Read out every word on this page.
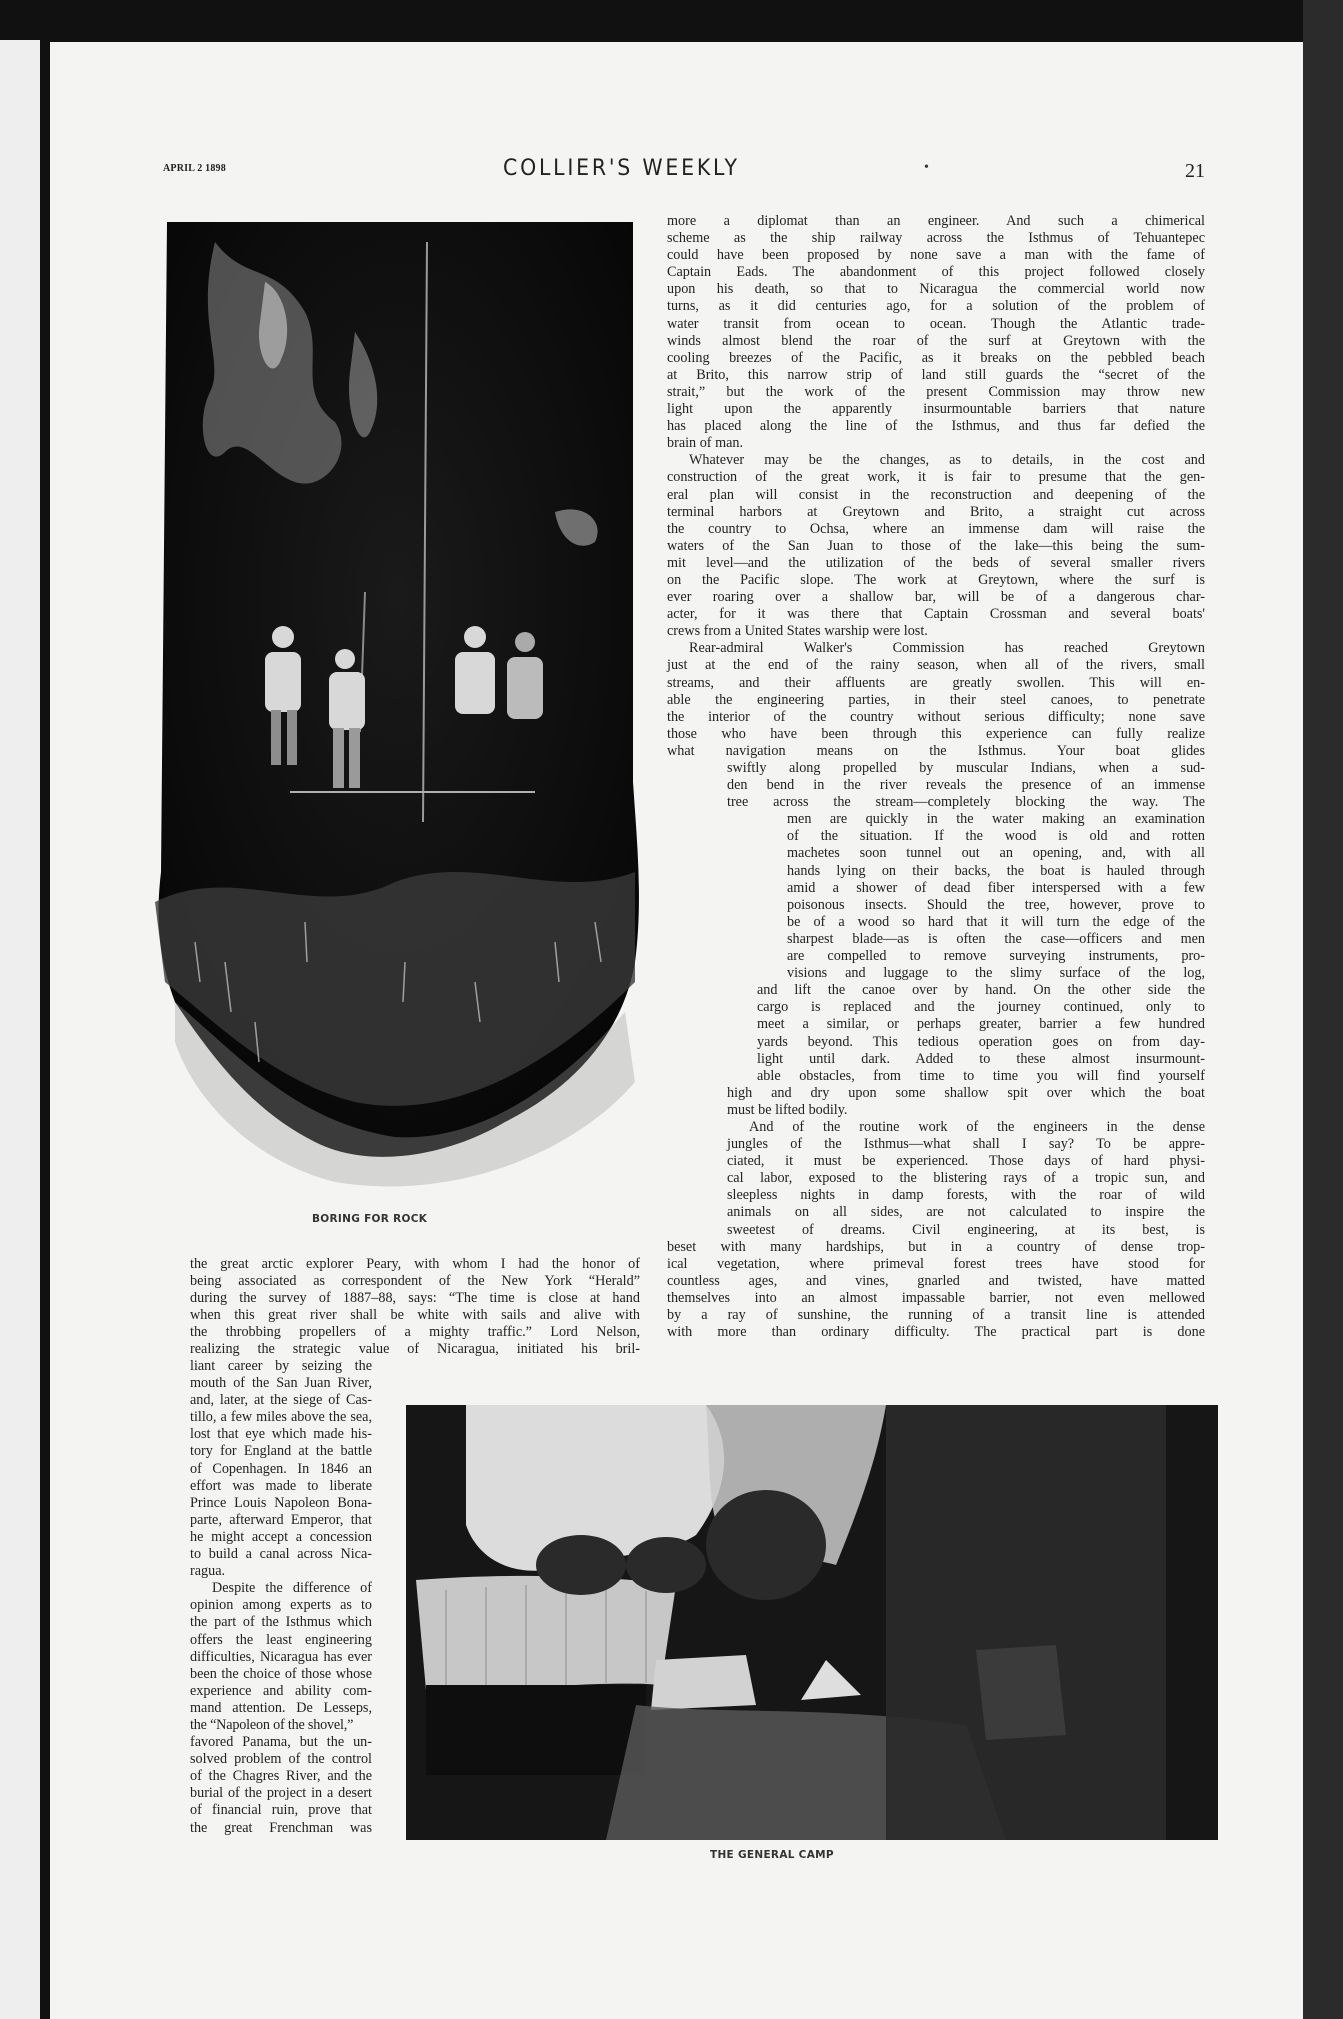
APRIL 2 1898	COLLIER'S WEEKLY	•	21
BORING FOR ROCK
more a diplomat than an engineer. And such a chimerical
scheme as the ship railway across the Isthmus of Tehuantepec
could have been proposed by none save a man with the fame of
Captain Eads. The abandonment of this project followed closely
upon his death, so that to Nicaragua the commercial world now
turns, as it did centuries ago, for a solution of the problem of
water transit from ocean to ocean. Though the Atlantic trade-
winds almost blend the roar of the surf at Greytown with the
cooling breezes of the Pacific, as it breaks on the pebbled beach
at Brito, this narrow strip of land still guards the “secret of the
strait,” but the work of the present Commission may throw new
light upon the apparently insurmountable barriers that nature
has placed along the line of the Isthmus, and thus far defied the
brain of man.
Whatever may be the changes, as to details, in the cost and
construction of the great work, it is fair to presume that the gen-
eral plan will consist in the reconstruction and deepening of the
terminal harbors at Greytown and Brito, a straight cut across
the country to Ochsa, where an immense dam will raise the
waters of the San Juan to those of the lake—this being the sum-
mit level—and the utilization of the beds of several smaller rivers
on the Pacific slope. The work at Greytown, where the surf is
ever roaring over a shallow bar, will be of a dangerous char-
acter, for it was there that Captain Crossman and several boats'
crews from a United States warship were lost.
Rear-admiral Walker's Commission has reached Greytown
just at the end of the rainy season, when all of the rivers, small
streams, and their affluents are greatly swollen. This will en-
able the engineering parties, in their steel canoes, to penetrate
the interior of the country without serious difficulty; none save
those who have been through this experience can fully realize
what navigation means on the Isthmus. Your boat glides
swiftly along propelled by muscular Indians, when a sud-
den bend in the river reveals the presence of an immense
tree across the stream—completely blocking the way. The
men are quickly in the water making an examination
of the situation. If the wood is old and rotten
machetes soon tunnel out an opening, and, with all
hands lying on their backs, the boat is hauled through
amid a shower of dead fiber interspersed with a few
poisonous insects. Should the tree, however, prove to
be of a wood so hard that it will turn the edge of the
sharpest blade—as is often the case—officers and men
are compelled to remove surveying instruments, pro-
visions and luggage to the slimy surface of the log,
and lift the canoe over by hand. On the other side the
cargo is replaced and the journey continued, only to
meet a similar, or perhaps greater, barrier a few hundred
yards beyond. This tedious operation goes on from day-
light until dark. Added to these almost insurmount-
able obstacles, from time to time you will find yourself
high and dry upon some shallow spit over which the boat
must be lifted bodily.
And of the routine work of the engineers in the dense
jungles of the Isthmus—what shall I say? To be appre-
ciated, it must be experienced. Those days of hard physi-
cal labor, exposed to the blistering rays of a tropic sun, and
sleepless nights in damp forests, with the roar of wild
animals on all sides, are not calculated to inspire the
sweetest of dreams. Civil engineering, at its best, is
beset with many hardships, but in a country of dense trop-
ical vegetation, where primeval forest trees have stood for
countless ages, and vines, gnarled and twisted, have matted
themselves into an almost impassable barrier, not even mellowed
by a ray of sunshine, the running of a transit line is attended
with more than ordinary difficulty. The practical part is done
the great arctic explorer Peary, with whom I had the honor of
being associated as correspondent of the New York “Herald”
during the survey of 1887–88, says: “The time is close at hand
when this great river shall be white with sails and alive with
the throbbing propellers of a mighty traffic.” Lord Nelson,
realizing the strategic value of Nicaragua, initiated his bril-
liant career by seizing the
mouth of the San Juan River,
and, later, at the siege of Cas-
tillo, a few miles above the sea,
lost that eye which made his-
tory for England at the battle
of Copenhagen. In 1846 an
effort was made to liberate
Prince Louis Napoleon Bona-
parte, afterward Emperor, that
he might accept a concession
to build a canal across Nica-
ragua.
Despite the difference of
opinion among experts as to
the part of the Isthmus which
offers the least engineering
difficulties, Nicaragua has ever
been the choice of those whose
experience and ability com-
mand attention. De Lesseps,
the “Napoleon of the shovel,”
favored Panama, but the un-
solved problem of the control
of the Chagres River, and the
burial of the project in a desert
of financial ruin, prove that
the great Frenchman was
THE GENERAL CAMP
